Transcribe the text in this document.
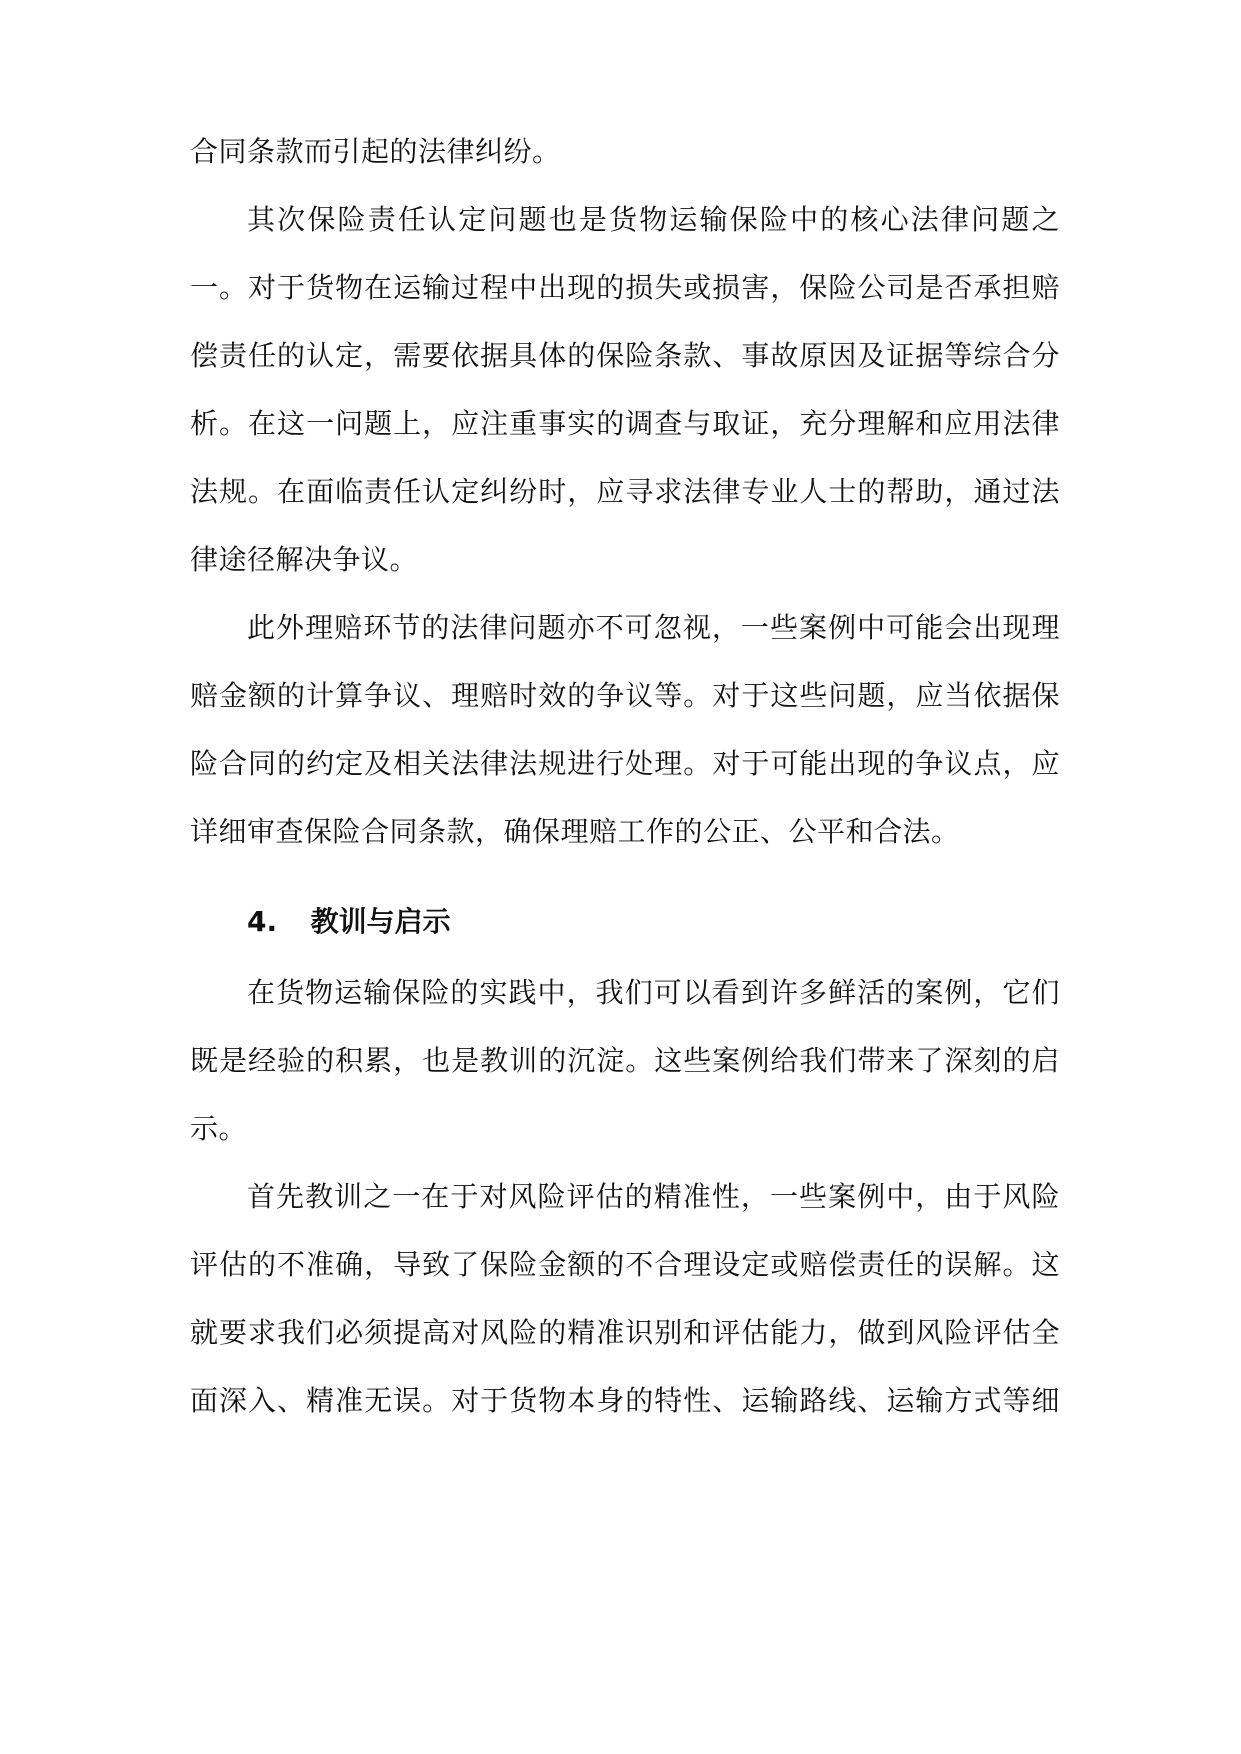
合同条款而引起的法律纠纷。
其次保险责任认定问题也是货物运输保险中的核心法律问题之
一。对于货物在运输过程中出现的损失或损害，保险公司是否承担赔
偿责任的认定，需要依据具体的保险条款、事故原因及证据等综合分
析。在这一问题上，应注重事实的调查与取证，充分理解和应用法律
法规。在面临责任认定纠纷时，应寻求法律专业人士的帮助，通过法
律途径解决争议。
此外理赔环节的法律问题亦不可忽视，一些案例中可能会出现理
赔金额的计算争议、理赔时效的争议等。对于这些问题，应当依据保
险合同的约定及相关法律法规进行处理。对于可能出现的争议点，应
详细审查保险合同条款，确保理赔工作的公正、公平和合法。
4. 教训与启示
在货物运输保险的实践中，我们可以看到许多鲜活的案例，它们
既是经验的积累，也是教训的沉淀。这些案例给我们带来了深刻的启
示。
首先教训之一在于对风险评估的精准性，一些案例中，由于风险
评估的不准确，导致了保险金额的不合理设定或赔偿责任的误解。这
就要求我们必须提高对风险的精准识别和评估能力，做到风险评估全
面深入、精准无误。对于货物本身的特性、运输路线、运输方式等细
